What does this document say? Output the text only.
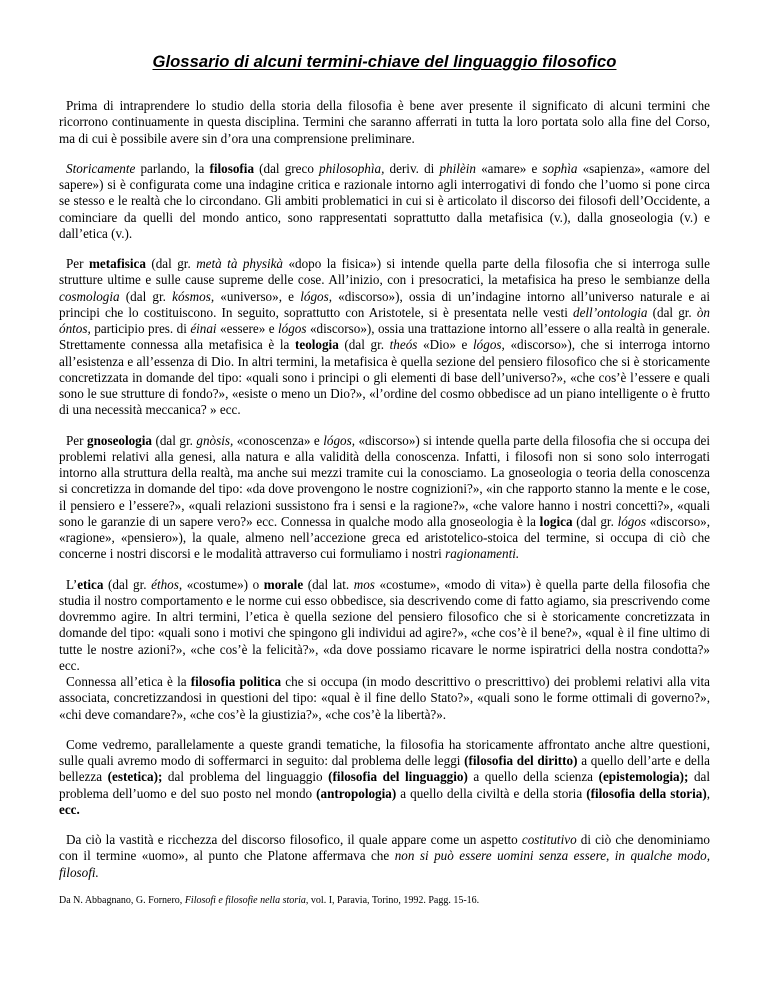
Glossario di alcuni termini-chiave del linguaggio filosofico

Prima di intraprendere lo studio della storia della filosofia è bene aver presente il significato di alcuni termini che ricorrono continuamente in questa disciplina. Termini che saranno afferrati in tutta la loro portata solo alla fine del Corso, ma di cui è possibile avere sin d’ora una comprensione preliminare.

Storicamente parlando, la filosofia (dal greco philosophìa, deriv. di philèin «amare» e sophìa «sapienza», «amore del sapere») si è configurata come una indagine critica e razionale intorno agli interrogativi di fondo che l’uomo si pone circa se stesso e le realtà che lo circondano. Gli ambiti problematici in cui si è articolato il discorso dei filosofi dell’Occidente, a cominciare da quelli del mondo antico, sono rappresentati soprattutto dalla metafisica (v.), dalla gnoseologia (v.) e dall’etica (v.).

Per metafisica (dal gr. metà tà physikà «dopo la fisica») si intende quella parte della filosofia che si interroga sulle strutture ultime e sulle cause supreme delle cose. All’inizio, con i presocratici, la metafisica ha preso le sembianze della cosmologia (dal gr. kósmos, «universo», e lógos, «discorso»), ossia di un’indagine intorno all’universo naturale e ai principi che lo costituiscono. In seguito, soprattutto con Aristotele, si è presentata nelle vesti dell’ontologia (dal gr. òn óntos, participio pres. di éinai «essere» e lógos «discorso»), ossia una trattazione intorno all’essere o alla realtà in generale. Strettamente connessa alla metafisica è la teologia (dal gr. theós «Dio» e lógos, «discorso»), che si interroga intorno all’esistenza e all’essenza di Dio. In altri termini, la metafisica è quella sezione del pensiero filosofico che si è storicamente concretizzata in domande del tipo: «quali sono i principi o gli elementi di base dell’universo?», «che cos’è l’essere e quali sono le sue strutture di fondo?», «esiste o meno un Dio?», «l’ordine del cosmo obbedisce ad un piano intelligente o è frutto di una necessità meccanica? » ecc.

Per gnoseologia (dal gr. gnòsis, «conoscenza» e lógos, «discorso») si intende quella parte della filosofia che si occupa dei problemi relativi alla genesi, alla natura e alla validità della conoscenza. Infatti, i filosofi non si sono solo interrogati intorno alla struttura della realtà, ma anche sui mezzi tramite cui la conosciamo. La gnoseologia o teoria della conoscenza si concretizza in domande del tipo: «da dove provengono le nostre cognizioni?», «in che rapporto stanno la mente e le cose, il pensiero e l’essere?», «quali relazioni sussistono fra i sensi e la ragione?», «che valore hanno i nostri concetti?», «quali sono le garanzie di un sapere vero?» ecc. Connessa in qualche modo alla gnoseologia è la logica (dal gr. lógos «discorso», «ragione», «pensiero»), la quale, almeno nell’accezione greca ed aristotelico-stoica del termine, si occupa di ciò che concerne i nostri discorsi e le modalità attraverso cui formuliamo i nostri ragionamenti.

L’etica (dal gr. éthos, «costume») o morale (dal lat. mos «costume», «modo di vita») è quella parte della filosofia che studia il nostro comportamento e le norme cui esso obbedisce, sia descrivendo come di fatto agiamo, sia prescrivendo come dovremmo agire. In altri termini, l’etica è quella sezione del pensiero filosofico che si è storicamente concretizzata in domande del tipo: «quali sono i motivi che spingono gli individui ad agire?», «che cos’è il bene?», «qual è il fine ultimo di tutte le nostre azioni?», «che cos’è la felicità?», «da dove possiamo ricavare le norme ispiratrici della nostra condotta?» ecc.

Connessa all’etica è la filosofia politica che si occupa (in modo descrittivo o prescrittivo) dei problemi relativi alla vita associata, concretizzandosi in questioni del tipo: «qual è il fine dello Stato?», «quali sono le forme ottimali di governo?», «chi deve comandare?», «che cos’è la giustizia?», «che cos’è la libertà?».

Come vedremo, parallelamente a queste grandi tematiche, la filosofia ha storicamente affrontato anche altre questioni, sulle quali avremo modo di soffermarci in seguito: dal problema delle leggi (filosofia del diritto) a quello dell’arte e della bellezza (estetica); dal problema del linguaggio (filosofia del linguaggio) a quello della scienza (epistemologia); dal problema dell’uomo e del suo posto nel mondo (antropologia) a quello della civiltà e della storia (filosofia della storia), ecc.

Da ciò la vastità e ricchezza del discorso filosofico, il quale appare come un aspetto costitutivo di ciò che denominiamo con il termine «uomo», al punto che Platone affermava che non si può essere uomini senza essere, in qualche modo, filosofi.

Da N. Abbagnano, G. Fornero, Filosofi e filosofie nella storia, vol. I, Paravia, Torino, 1992. Pagg. 15-16.
